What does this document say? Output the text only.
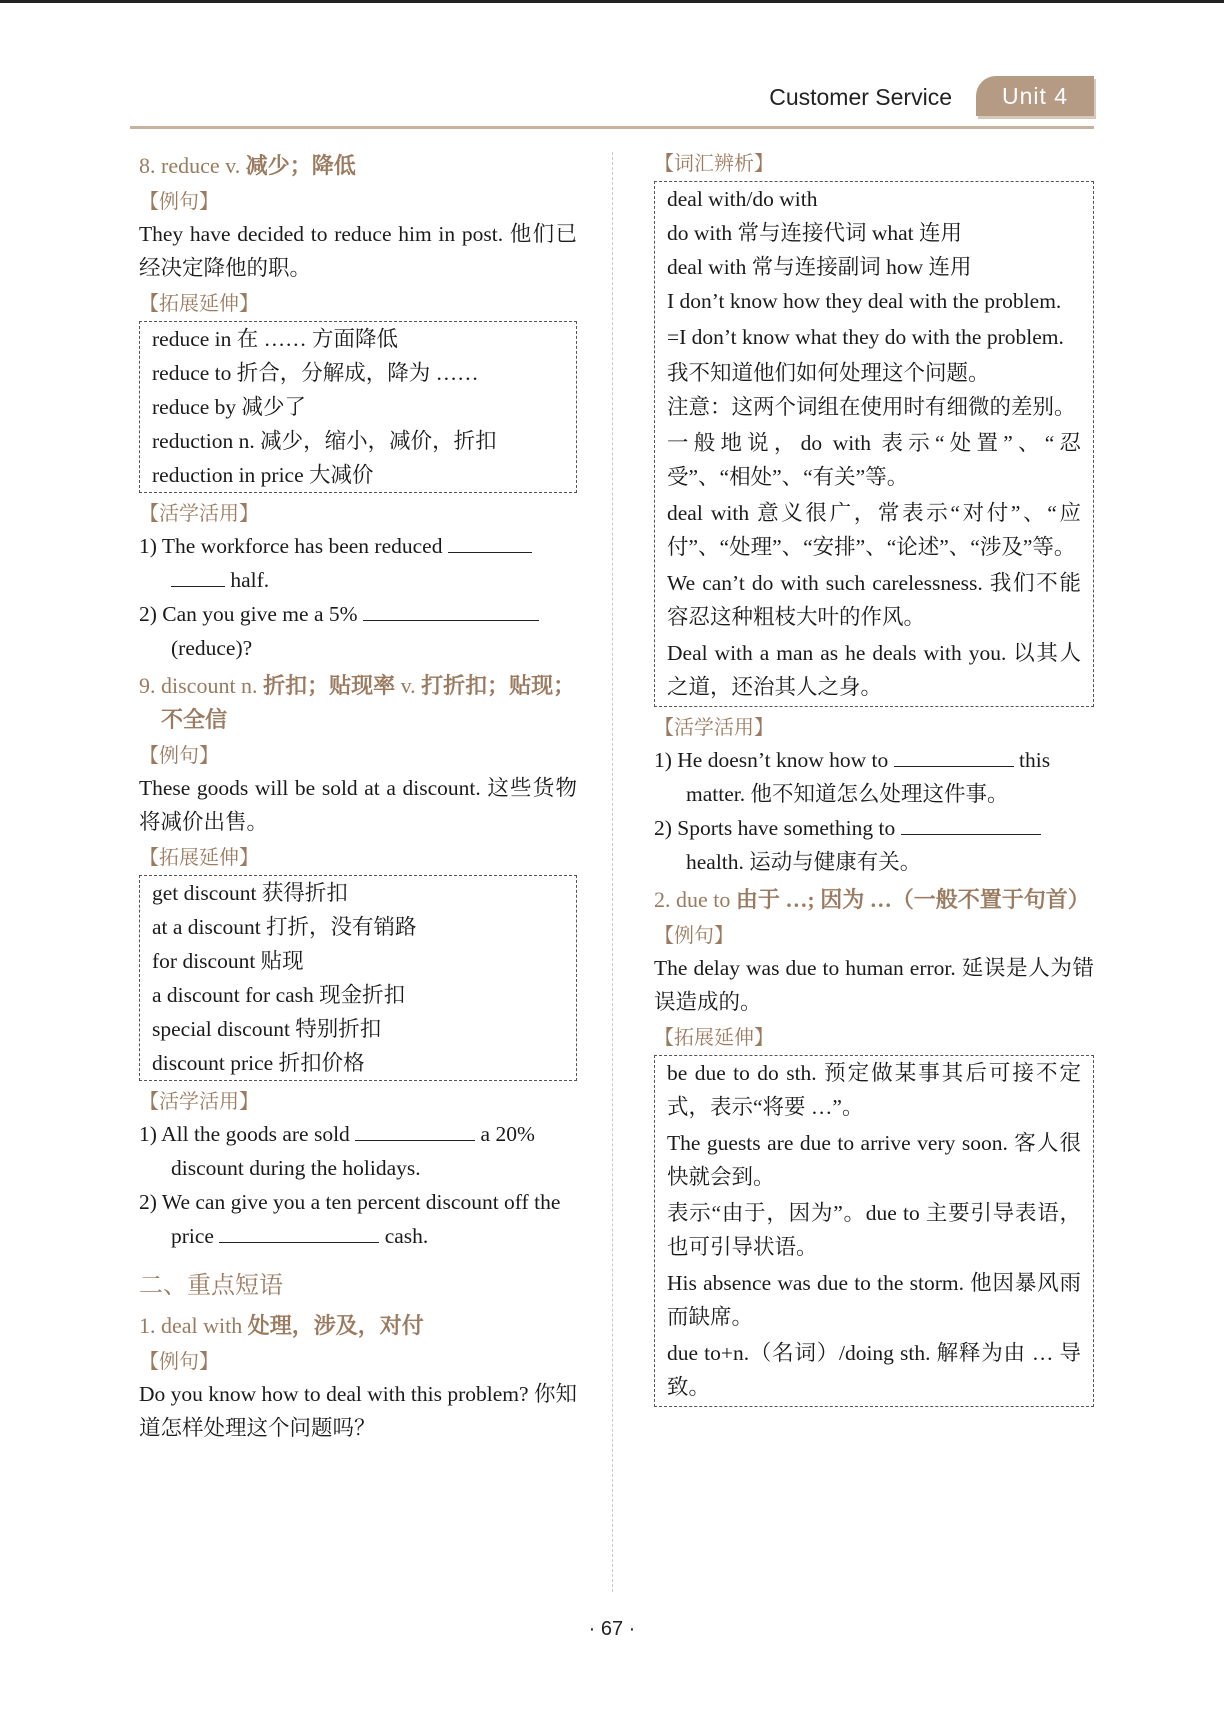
Customer Service	Unit 4
8. reduce v. 减少；降低
【例句】
They have decided to reduce him in post. 他们已经决定降他的职。
【拓展延伸】
reduce in 在 …… 方面降低
reduce to 折合，分解成，降为 ……
reduce by 减少了
reduction n. 减少，缩小，减价，折扣
reduction in price 大减价
【活学活用】
1) The workforce has been reduced   half.
2) Can you give me a 5%  (reduce)?
9. discount n. 折扣；贴现率 v. 打折扣；贴现；不全信
【例句】
These goods will be sold at a discount. 这些货物将减价出售。
【拓展延伸】
get discount 获得折扣
at a discount 打折，没有销路
for discount 贴现
a discount for cash 现金折扣
special discount 特别折扣
discount price 折扣价格
【活学活用】
1) All the goods are sold	a 20% discount during the holidays.
2) We can give you a ten percent discount off the price	cash.
二、重点短语
1. deal with 处理，涉及，对付
【例句】
Do you know how to deal with this problem? 你知道怎样处理这个问题吗？
【词汇辨析】
deal with/do with
do with 常与连接代词 what 连用
deal with 常与连接副词 how 连用
I don’t know how they deal with the problem.
=I don’t know what they do with the problem.
我不知道他们如何处理这个问题。
注意：这两个词组在使用时有细微的差别。
一般地说，do with 表示“处置”、“忍受”、“相处”、“有关”等。
deal with 意义很广，常表示“对付”、“应付”、“处理”、“安排”、“论述”、“涉及”等。
We can’t do with such carelessness. 我们不能容忍这种粗枝大叶的作风。
Deal with a man as he deals with you. 以其人之道，还治其人之身。
【活学活用】
1) He doesn’t know how to	this matter. 他不知道怎么处理这件事。
2) Sports have something to  health. 运动与健康有关。
2. due to 由于 …; 因为 …（一般不置于句首）
【例句】
The delay was due to human error. 延误是人为错误造成的。
【拓展延伸】
be due to do sth. 预定做某事其后可接不定式，表示“将要 …”。
The guests are due to arrive very soon. 客人很快就会到。
表示“由于，因为”。due to 主要引导表语，也可引导状语。
His absence was due to the storm. 他因暴风雨而缺席。
due to+n.（名词）/doing sth. 解释为由 … 导致。
· 67 ·
